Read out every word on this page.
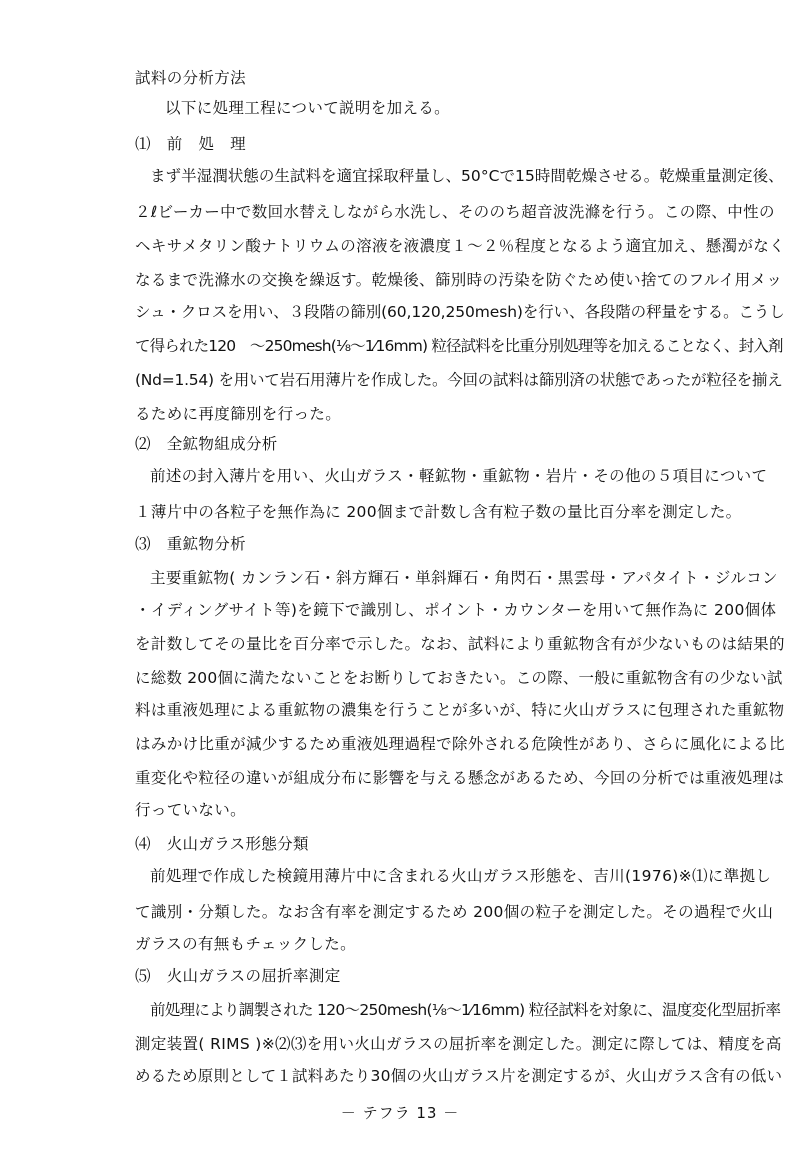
試料の分析方法
以下に処理工程について説明を加える。
⑴　前　処　理
まず半湿潤状態の生試料を適宜採取秤量し、50°Cで15時間乾燥させる。乾燥重量測定後、
２ℓビーカー中で数回水替えしながら水洗し、そののち超音波洗滌を行う。この際、中性の
ヘキサメタリン酸ナトリウムの溶液を液濃度１～２％程度となるよう適宜加え、懸濁がなく
なるまで洗滌水の交換を繰返す。乾燥後、篩別時の汚染を防ぐため使い捨てのフルイ用メッ
シュ・クロスを用い、３段階の篩別(60,120,250mesh)を行い、各段階の秤量をする。こうし
て得られた120　～250mesh(⅛～1⁄16mm) 粒径試料を比重分別処理等を加えることなく、封入剤
(Nd=1.54) を用いて岩石用薄片を作成した。今回の試料は篩別済の状態であったが粒径を揃え
るために再度篩別を行った。
⑵　全鉱物組成分析
前述の封入薄片を用い、火山ガラス・軽鉱物・重鉱物・岩片・その他の５項目について
１薄片中の各粒子を無作為に 200個まで計数し含有粒子数の量比百分率を測定した。
⑶　重鉱物分析
主要重鉱物( カンラン石・斜方輝石・単斜輝石・角閃石・黒雲母・アパタイト・ジルコン
・イディングサイト等)を鏡下で識別し、ポイント・カウンターを用いて無作為に 200個体
を計数してその量比を百分率で示した。なお、試料により重鉱物含有が少ないものは結果的
に総数 200個に満たないことをお断りしておきたい。この際、一般に重鉱物含有の少ない試
料は重液処理による重鉱物の濃集を行うことが多いが、特に火山ガラスに包理された重鉱物
はみかけ比重が減少するため重液処理過程で除外される危険性があり、さらに風化による比
重変化や粒径の違いが組成分布に影響を与える懸念があるため、今回の分析では重液処理は
行っていない。
⑷　火山ガラス形態分類
前処理で作成した検鏡用薄片中に含まれる火山ガラス形態を、吉川(1976)※⑴に準拠し
て識別・分類した。なお含有率を測定するため 200個の粒子を測定した。その過程で火山
ガラスの有無もチェックした。
⑸　火山ガラスの屈折率測定
前処理により調製された 120～250mesh(⅛～1⁄16mm) 粒径試料を対象に、温度変化型屈折率
測定装置( RIMS )※⑵⑶を用い火山ガラスの屈折率を測定した。測定に際しては、精度を高
めるため原則として１試料あたり30個の火山ガラス片を測定するが、火山ガラス含有の低い
－ テフラ 13 －
